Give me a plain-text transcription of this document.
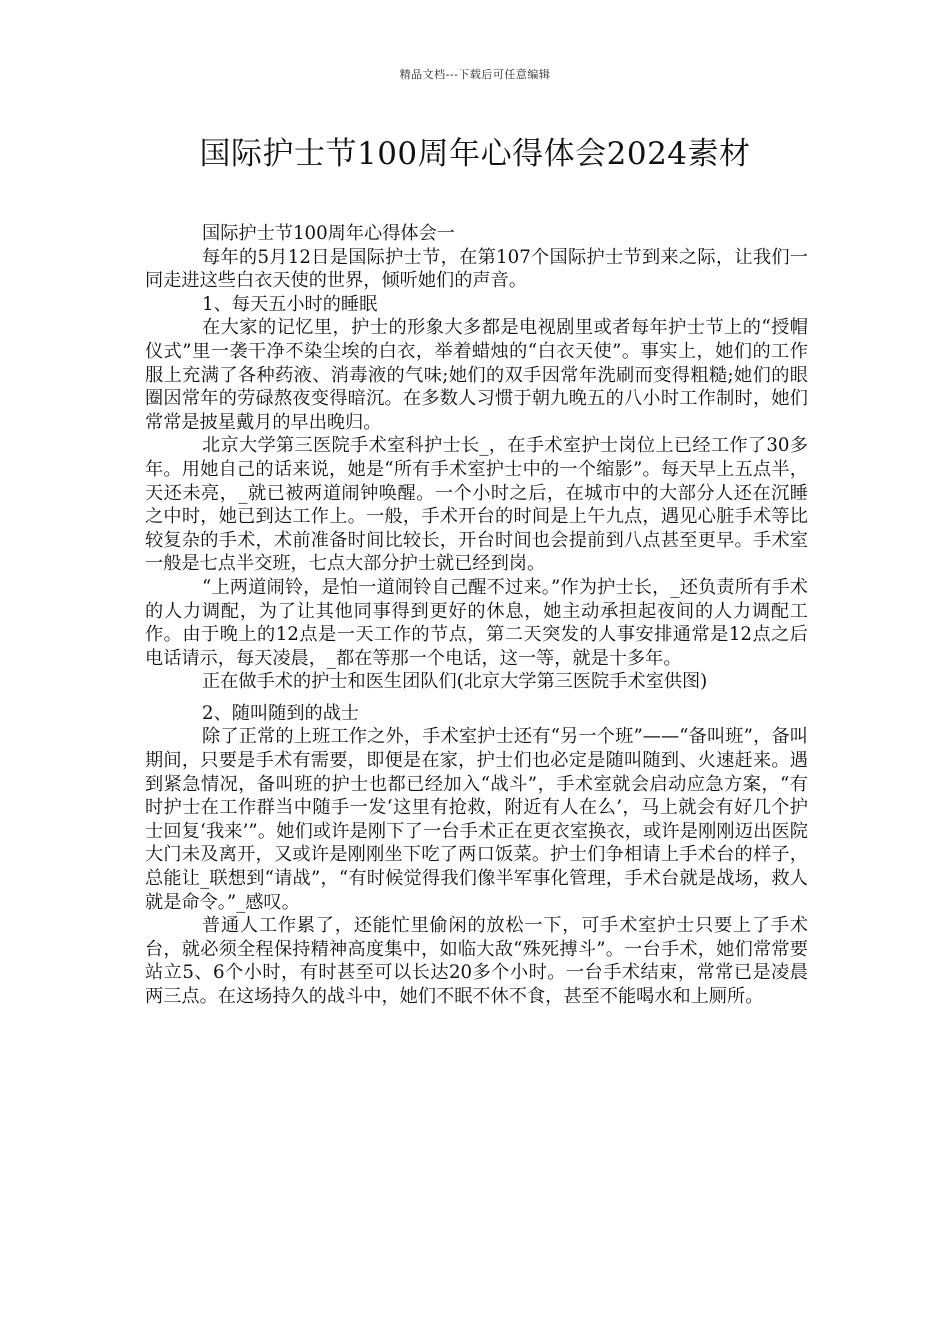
精品文档---下载后可任意编辑
国际护士节100周年心得体会2024素材

国际护士节100周年心得体会一

每年的5月12日是国际护士节，在第107个国际护士节到来之际，让我们一同走进这些白衣天使的世界，倾听她们的声音。

1、每天五小时的睡眠

在大家的记忆里，护士的形象大多都是电视剧里或者每年护士节上的“授帽仪式”里一袭干净不染尘埃的白衣，举着蜡烛的“白衣天使”。事实上，她们的工作服上充满了各种药液、消毒液的气味;她们的双手因常年洗刷而变得粗糙;她们的眼圈因常年的劳碌熬夜变得暗沉。在多数人习惯于朝九晚五的八小时工作制时，她们常常是披星戴月的早出晚归。

北京大学第三医院手术室科护士长_，在手术室护士岗位上已经工作了30多年。用她自己的话来说，她是“所有手术室护士中的一个缩影”。每天早上五点半，天还未亮，_就已被两道闹钟唤醒。一个小时之后，在城市中的大部分人还在沉睡之中时，她已到达工作上。一般，手术开台的时间是上午九点，遇见心脏手术等比较复杂的手术，术前准备时间比较长，开台时间也会提前到八点甚至更早。手术室一般是七点半交班，七点大部分护士就已经到岗。

“上两道闹铃，是怕一道闹铃自己醒不过来。”作为护士长，_还负责所有手术的人力调配，为了让其他同事得到更好的休息，她主动承担起夜间的人力调配工作。由于晚上的12点是一天工作的节点，第二天突发的人事安排通常是12点之后电话请示，每天凌晨，_都在等那一个电话，这一等，就是十多年。

正在做手术的护士和医生团队们(北京大学第三医院手术室供图)

2、随叫随到的战士

除了正常的上班工作之外，手术室护士还有“另一个班”——“备叫班”，备叫期间，只要是手术有需要，即便是在家，护士们也必定是随叫随到、火速赶来。遇到紧急情况，备叫班的护士也都已经加入“战斗”，手术室就会启动应急方案，“有时护士在工作群当中随手一发‘这里有抢救，附近有人在么’，马上就会有好几个护士回复‘我来’”。她们或许是刚下了一台手术正在更衣室换衣，或许是刚刚迈出医院大门未及离开，又或许是刚刚坐下吃了两口饭菜。护士们争相请上手术台的样子，总能让_联想到“请战”，“有时候觉得我们像半军事化管理，手术台就是战场，救人就是命令。”_感叹。

普通人工作累了，还能忙里偷闲的放松一下，可手术室护士只要上了手术台，就必须全程保持精神高度集中，如临大敌“殊死搏斗”。一台手术，她们常常要站立5、6个小时，有时甚至可以长达20多个小时。一台手术结束，常常已是凌晨两三点。在这场持久的战斗中，她们不眠不休不食，甚至不能喝水和上厕所。
